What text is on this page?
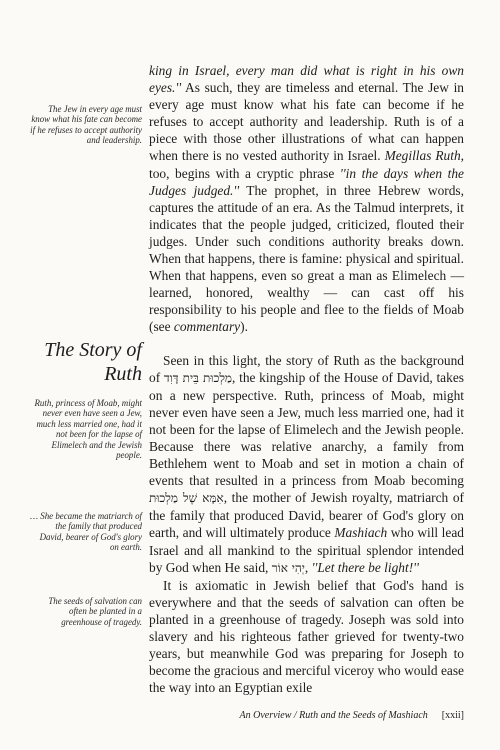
The Jew in every age must know what his fate can become if he refuses to accept authority and leadership.
The Story of Ruth
Ruth, princess of Moab, might never even have seen a Jew, much less married one, had it not been for the lapse of Elimelech and the Jewish people.
… She became the matriarch of the family that produced David, bearer of God's glory on earth.
The seeds of salvation can often be planted in a greenhouse of tragedy.

king in Israel, every man did what is right in his own eyes.'' As such, they are timeless and eternal. The Jew in every age must know what his fate can become if he refuses to accept authority and leadership. Ruth is of a piece with those other illustrations of what can happen when there is no vested authority in Israel. Megillas Ruth, too, begins with a cryptic phrase ''in the days when the Judges judged.'' The prophet, in three Hebrew words, captures the attitude of an era. As the Talmud interprets, it indicates that the people judged, criticized, flouted their judges. Under such conditions authority breaks down. When that happens, there is famine: physical and spiritual. When that happens, even so great a man as Elimelech — learned, honored, wealthy — can cast off his responsibility to his people and flee to the fields of Moab (see commentary).

Seen in this light, the story of Ruth as the background of מַלְכוּת בֵּית דָּוִד, the kingship of the House of David, takes on a new perspective. Ruth, princess of Moab, might never even have seen a Jew, much less married one, had it not been for the lapse of Elimelech and the Jewish people. Because there was relative anarchy, a family from Bethlehem went to Moab and set in motion a chain of events that resulted in a princess from Moab becoming אִמָּא שֶׁל מַלְכוּת, the mother of Jewish royalty, matriarch of the family that produced David, bearer of God's glory on earth, and will ultimately produce Mashiach who will lead Israel and all mankind to the spiritual splendor intended by God when He said, יְהִי אוֹר, ''Let there be light!''

It is axiomatic in Jewish belief that God's hand is everywhere and that the seeds of salvation can often be planted in a greenhouse of tragedy. Joseph was sold into slavery and his righteous father grieved for twenty-two years, but meanwhile God was preparing for Joseph to become the gracious and merciful viceroy who would ease the way into an Egyptian exile

An Overview / Ruth and the Seeds of Mashiach [xxii]
